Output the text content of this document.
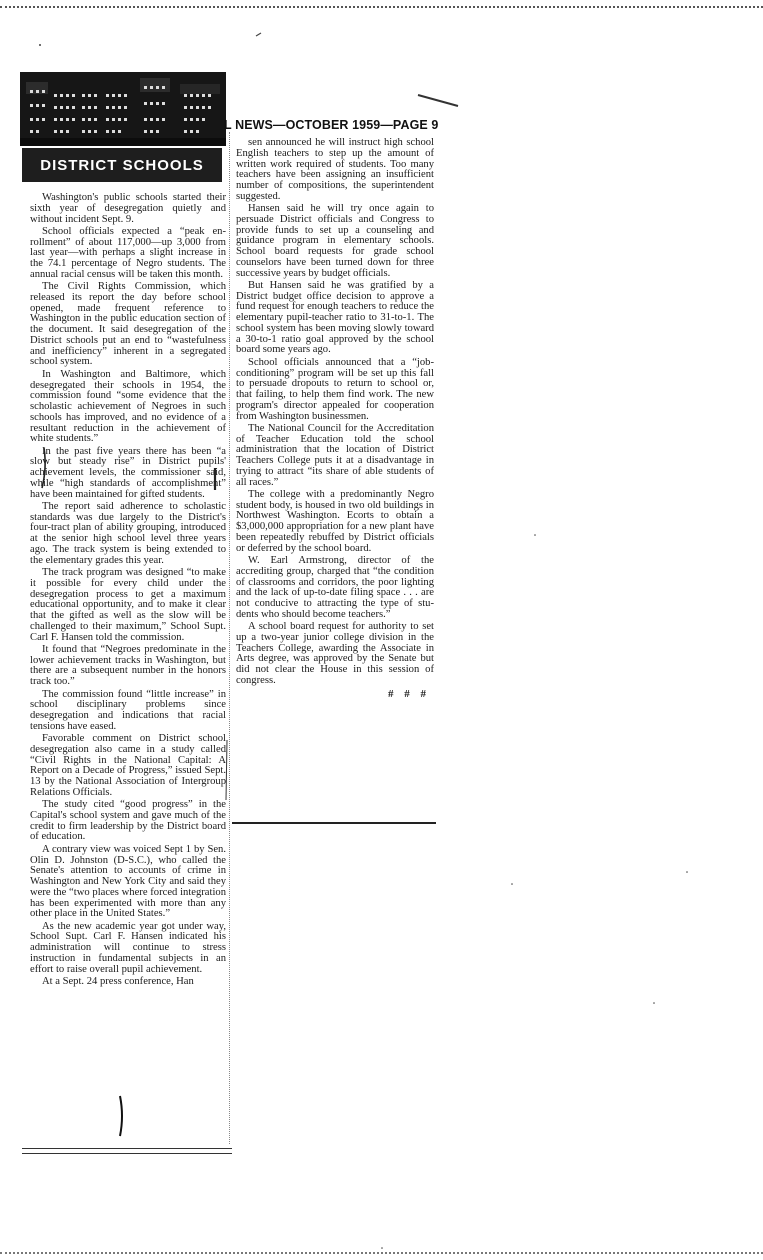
L NEWS—OCTOBER 1959—PAGE 9
DISTRICT SCHOOLS

Washington's public schools started their sixth year of desegregation quietly and without incident Sept. 9.

School officials expected a “peak enrollment” of about 117,000—up 3,000 from last year—with perhaps a slight increase in the 74.1 percentage of Negro students. The annual racial census will be taken this month.

The Civil Rights Commission, which released its report the day before school opened, made frequent reference to Washington in the public education section of the document. It said desegregation of the District schools put an end to “wastefulness and inefficiency” inherent in a segregated school system.

In Washington and Baltimore, which desegregated their schools in 1954, the commission found “some evidence that the scholastic achievement of Negroes in such schools has improved, and no evidence of a resultant reduction in the achievement of white students.”

In the past five years there has been “a slow but steady rise” in District pupils' achievement levels, the commissioner said, while “high standards of accomplishment” have been maintained for gifted students.

The report said adherence to scholastic standards was due largely to the District's four-tract plan of ability grouping, introduced at the senior high school level three years ago. The track system is being extended to the elementary grades this year.

The track program was designed “to make it possible for every child under the desegregation process to get a maximum educational opportunity, and to make it clear that the gifted as well as the slow will be challenged to their maximum,” School Supt. Carl F. Hansen told the commission.

It found that “Negroes predominate in the lower achievement tracks in Washington, but there are a subsequent number in the honors track too.”

The commission found “little increase” in school disciplinary problems since desegregation and indications that racial tensions have eased.

Favorable comment on District school desegregation also came in a study called “Civil Rights in the National Capital: A Report on a Decade of Progress,” issued Sept. 13 by the National Association of Intergroup Relations Officials.

The study cited “good progress” in the Capital's school system and gave much of the credit to firm leadership by the District board of education.

A contrary view was voiced Sept 1 by Sen. Olin D. Johnston (D-S.C.), who called the Senate's attention to accounts of crime in Washington and New York City and said they were the “two places where forced integration has been experimented with more than any other place in the United States.”

As the new academic year got under way, School Supt. Carl F. Hansen indicated his administration will continue to stress instruction in fundamental subjects in an effort to raise overall pupil achievement.

At a Sept. 24 press conference, Han

sen announced he will instruct high school English teachers to step up the amount of written work required of students. Too many teachers have been assigning an insufficient number of compositions, the superintendent suggested.

Hansen said he will try once again to persuade District officials and Congress to provide funds to set up a counseling and guidance program in elementary schools. School board requests for grade school counselors have been turned down for three successive years by budget officials.

But Hansen said he was gratified by a District budget office decision to approve a fund request for enough teachers to reduce the elementary pupil-teacher ratio to 31-to-1. The school system has been moving slowly toward a 30-to-1 ratio goal approved by the school board some years ago.

School officials announced that a “job-conditioning” program will be set up this fall to persuade dropouts to return to school or, that failing, to help them find work. The new program's director appealed for cooperation from Washington businessmen.

The National Council for the Accreditation of Teacher Education told the school administration that the location of District Teachers College puts it at a disadvantage in trying to attract “its share of able students of all races.”

The college with a predominantly Negro student body, is housed in two old buildings in Northwest Washington. Ecorts to obtain a $3,000,000 appropriation for a new plant have been repeatedly rebuffed by District officials or deferred by the school board.

W. Earl Armstrong, director of the accrediting group, charged that “the condition of classrooms and corridors, the poor lighting and the lack of up-to-date filing space . . . are not conducive to attracting the type of students who should become teachers.”

A school board request for authority to set up a two-year junior college division in the Teachers College, awarding the Associate in Arts degree, was approved by the Senate but did not clear the House in this session of congress.

# # #
